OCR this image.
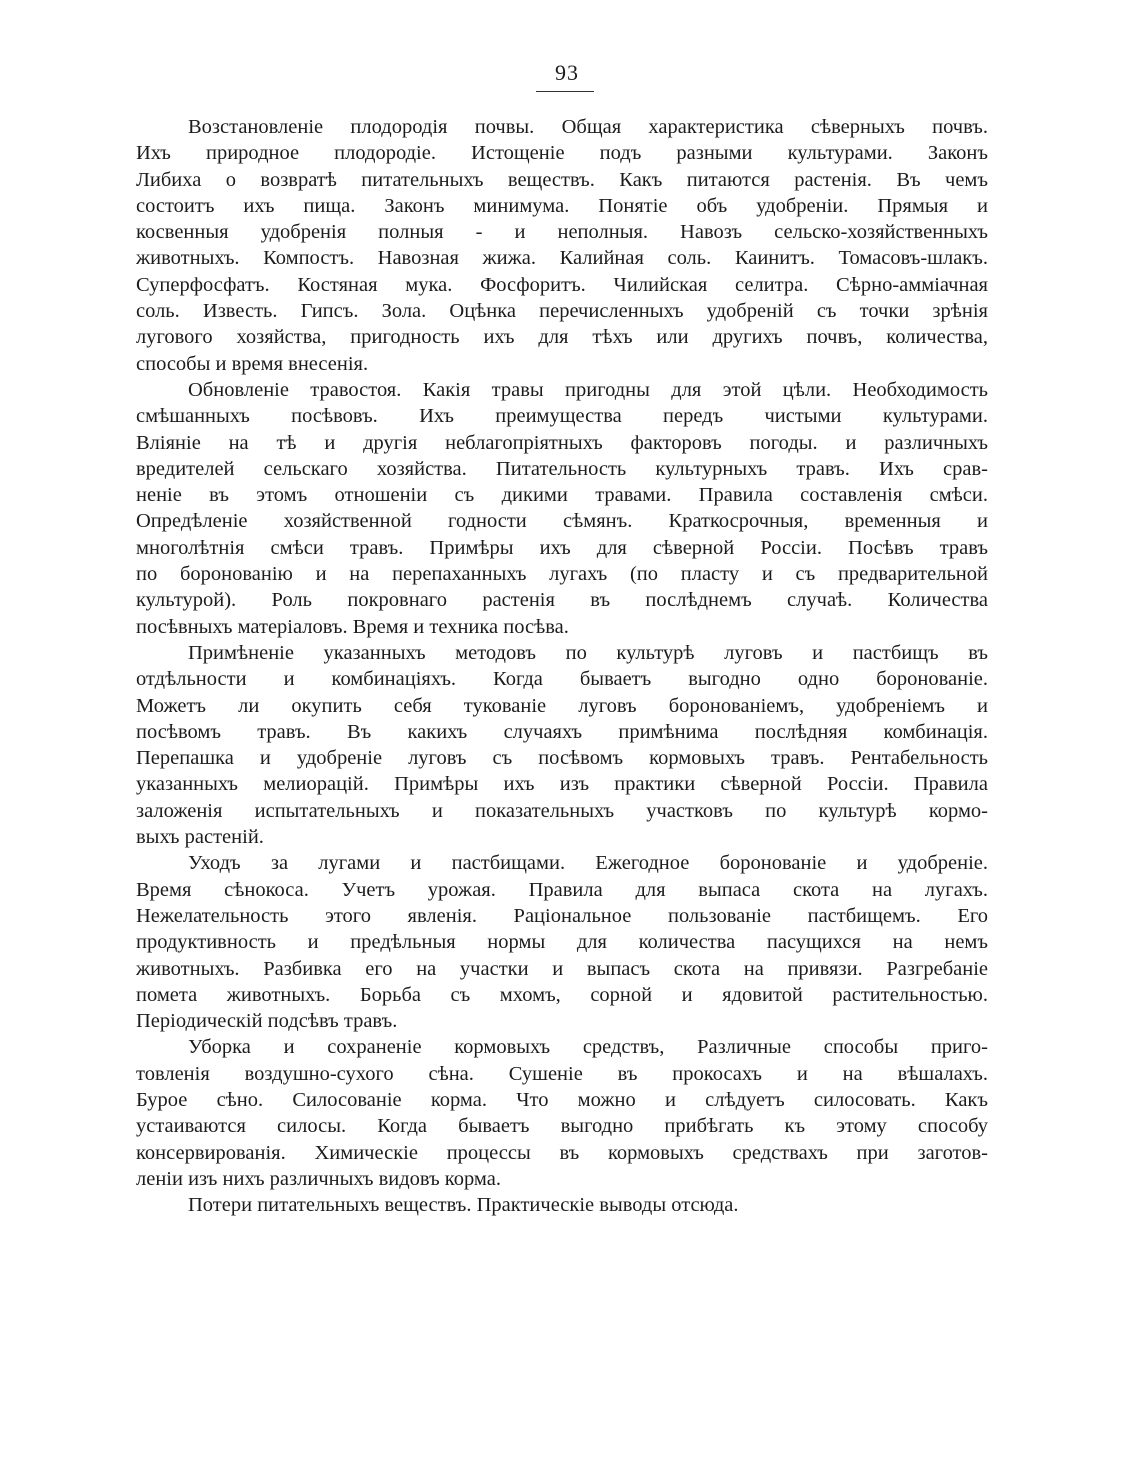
93
Возстановленіе плодородія почвы. Общая характеристика сѣверныхъ почвъ.
Ихъ природное плодородіе. Истощеніе подъ разными культурами. Законъ
Либиха о возвратѣ питательныхъ веществъ. Какъ питаются растенія. Въ чемъ
состоитъ ихъ пища. Законъ минимума. Понятіе объ удобреніи. Прямыя и
косвенныя удобренія полныя - и неполныя. Навозъ сельско-хозяйственныхъ
животныхъ. Компостъ. Навозная жижа. Калийная соль. Каинитъ. Томасовъ-шлакъ.
Суперфосфатъ. Костяная мука. Фосфоритъ. Чилийская селитра. Сѣрно-амміачная
соль. Известь. Гипсъ. Зола. Оцѣнка перечисленныхъ удобреній съ точки зрѣнія
лугового хозяйства, пригодность ихъ для тѣхъ или другихъ почвъ, количества,
способы и время внесенія.
Обновленіе травостоя. Какія травы пригодны для этой цѣли. Необходимость
смѣшанныхъ посѣвовъ. Ихъ преимущества передъ чистыми культурами.
Вліяніе на тѣ и другія неблагопріятныхъ факторовъ погоды. и различныхъ
вредителей сельскаго хозяйства. Питательность культурныхъ травъ. Ихъ срав-
неніе въ этомъ отношеніи съ дикими травами. Правила составленія смѣси.
Опредѣленіе хозяйственной годности сѣмянъ. Краткосрочныя, временныя и
многолѣтнія смѣси травъ. Примѣры ихъ для сѣверной Россіи. Посѣвъ травъ
по боронованію и на перепаханныхъ лугахъ (по пласту и съ предварительной
культурой). Роль покровнаго растенія въ послѣднемъ случаѣ. Количества
посѣвныхъ матеріаловъ. Время и техника посѣва.
Примѣненіе указанныхъ методовъ по культурѣ луговъ и пастбищъ въ
отдѣльности и комбинаціяхъ. Когда бываетъ выгодно одно боронованіе.
Можетъ ли окупить себя тукованіе луговъ боронованіемъ, удобреніемъ и
посѣвомъ травъ. Въ какихъ случаяхъ примѣнима послѣдняя комбинація.
Перепашка и удобреніе луговъ съ посѣвомъ кормовыхъ травъ. Рентабельность
указанныхъ мелиорацій. Примѣры ихъ изъ практики сѣверной Россіи. Правила
заложенія испытательныхъ и показательныхъ участковъ по культурѣ кормо-
выхъ растеній.
Уходъ за лугами и пастбищами. Ежегодное боронованіе и удобреніе.
Время сѣнокоса. Учетъ урожая. Правила для выпаса скота на лугахъ.
Нежелательность этого явленія. Раціональное пользованіе пастбищемъ. Его
продуктивность и предѣльныя нормы для количества пасущихся на немъ
животныхъ. Разбивка его на участки и выпасъ скота на привязи. Разгребаніе
помета животныхъ. Борьба съ мхомъ, сорной и ядовитой растительностью.
Періодическій подсѣвъ травъ.
Уборка и сохраненіе кормовыхъ средствъ, Различные способы приго-
товленія воздушно-сухого сѣна. Сушеніе въ прокосахъ и на вѣшалахъ.
Бурое сѣно. Силосованіе корма. Что можно и слѣдуетъ силосовать. Какъ
устаиваются силосы. Когда бываетъ выгодно прибѣгать къ этому способу
консервированія. Химическіе процессы въ кормовыхъ средствахъ при заготов-
леніи изъ нихъ различныхъ видовъ корма.
Потери питательныхъ веществъ. Практическіе выводы отсюда.
